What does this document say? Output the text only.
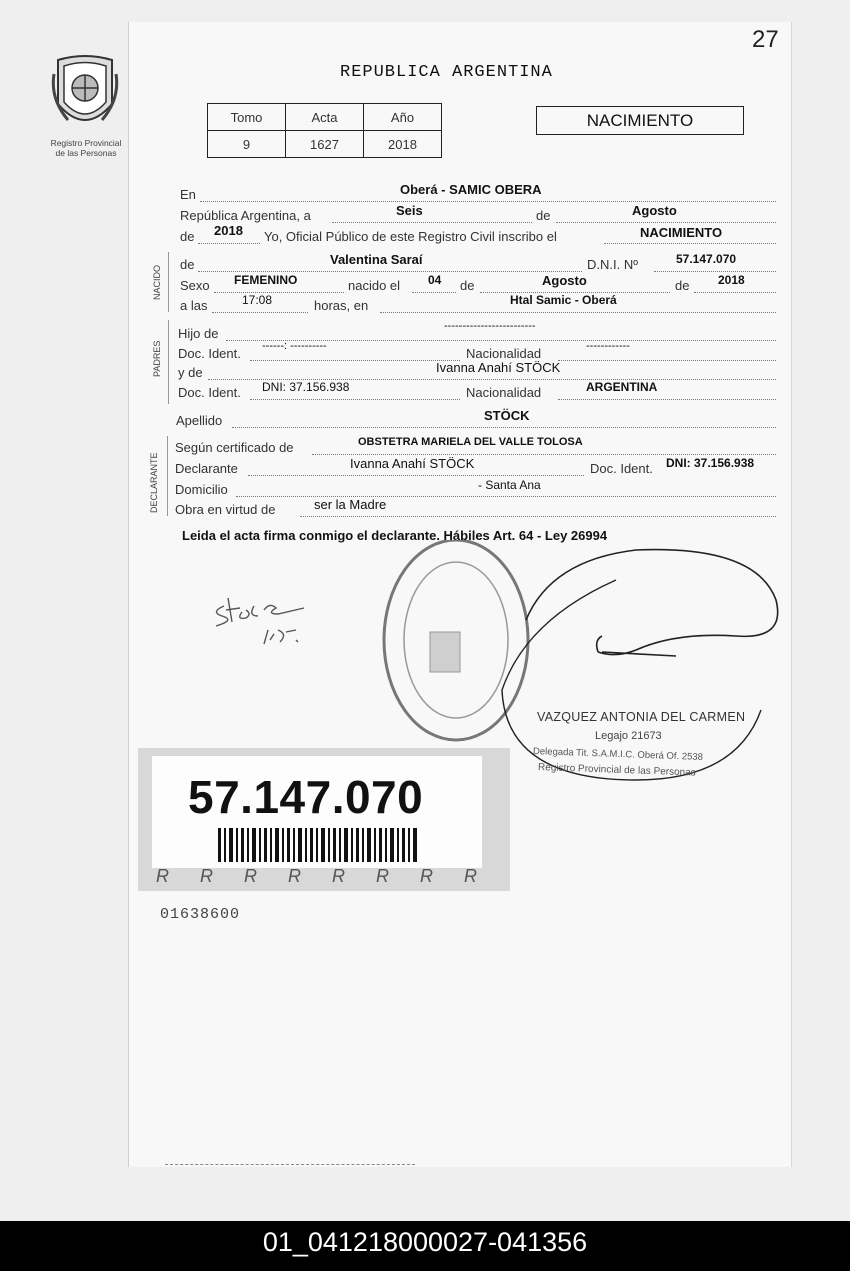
27
Registro Provincial
de las Personas
REPUBLICA ARGENTINA
Tomo	Acta	Año
9	1627	2018
NACIMIENTO
NACIDO
PADRES
DECLARANTE
En	Oberá - SAMIC OBERA
República Argentina, a	Seis	de	Agosto
de 2018 Yo, Oficial Público de este Registro Civil inscribo el	NACIMIENTO
de	Valentina Saraí	D.N.I. Nº	57.147.070
Sexo FEMENINO	nacido el 04 de	Agosto	de 2018
a las	17:08	horas, en	Htal Samic - Oberá
Hijo de	-------------------------
Doc. Ident. ------: ----------	Nacionalidad	------------
y de	Ivanna Anahí STÖCK
Doc. Ident. DNI: 37.156.938	Nacionalidad	ARGENTINA
Apellido	STÖCK
Según certificado de	OBSTETRA MARIELA DEL VALLE TOLOSA
Declarante	Ivanna Anahí STÖCK	Doc. Ident. DNI: 37.156.938
Domicilio	- Santa Ana
Obra en virtud de	ser la Madre
Leida el acta firma conmigo el declarante. Hábiles Art. 64 - Ley 26994
VAZQUEZ ANTONIA DEL CARMEN
Legajo 21673
Delegada Tit. S.A.M.I.C. Oberá Of. 2538
Registro Provincial de las Personas
57.147.070
R R R R R R R R
01638600
01_041218000027-041356
